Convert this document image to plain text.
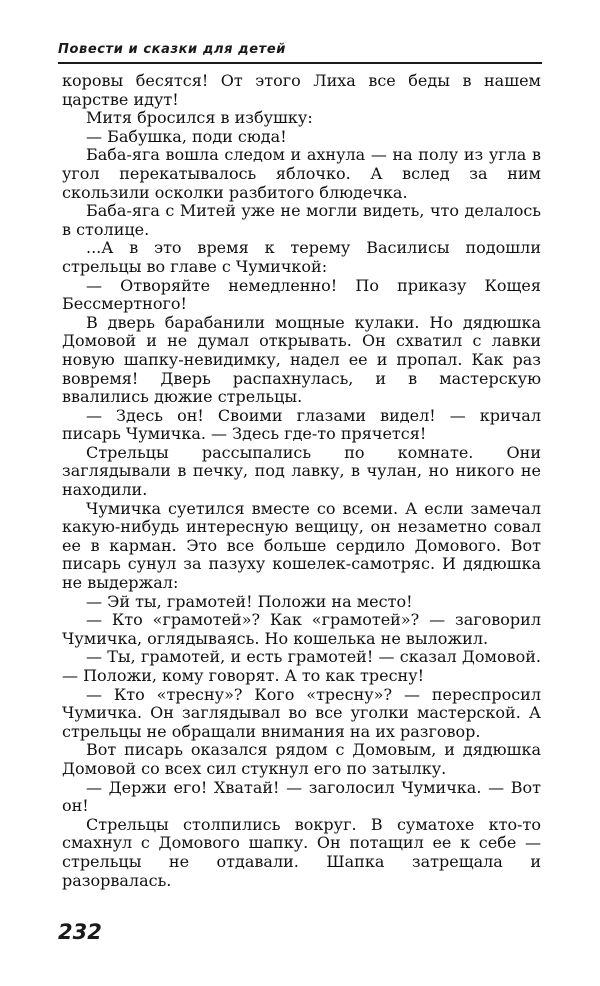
Повести и сказки для детей

коровы бесятся! От этого Лиха все беды в нашем царстве идут!

Митя бросился в избушку:

— Бабушка, поди сюда!

Баба-яга вошла следом и ахнула — на полу из угла в угол перекатывалось яблочко. А вслед за ним скользили осколки разбитого блюдечка.

Баба-яга с Митей уже не могли видеть, что делалось в столице.

...А в это время к терему Василисы подошли стрельцы во главе с Чумичкой:

— Отворяйте немедленно! По приказу Кощея Бессмертного!

В дверь барабанили мощные кулаки. Но дядюшка Домовой и не думал открывать. Он схватил с лавки новую шапку-невидимку, надел ее и пропал. Как раз вовремя! Дверь распахнулась, и в мастерскую ввалились дюжие стрельцы.

— Здесь он! Своими глазами видел! — кричал писарь Чумичка. — Здесь где-то прячется!

Стрельцы рассыпались по комнате. Они заглядывали в печку, под лавку, в чулан, но никого не находили.

Чумичка суетился вместе со всеми. А если замечал какую-нибудь интересную вещицу, он незаметно совал ее в карман. Это все больше сердило Домового. Вот писарь сунул за пазуху кошелек-самотряс. И дядюшка не выдержал:

— Эй ты, грамотей! Положи на место!

— Кто «грамотей»? Как «грамотей»? — заговорил Чумичка, оглядываясь. Но кошелька не выложил.

— Ты, грамотей, и есть грамотей! — сказал Домовой. — Положи, кому говорят. А то как тресну!

— Кто «тресну»? Кого «тресну»? — переспросил Чумичка. Он заглядывал во все уголки мастерской. А стрельцы не обращали внимания на их разговор.

Вот писарь оказался рядом с Домовым, и дядюшка Домовой со всех сил стукнул его по затылку.

— Держи его! Хватай! — заголосил Чумичка. — Вот он!

Стрельцы столпились вокруг. В суматохе кто-то смахнул с Домового шапку. Он потащил ее к себе — стрельцы не отдавали. Шапка затрещала и разорвалась.

232
